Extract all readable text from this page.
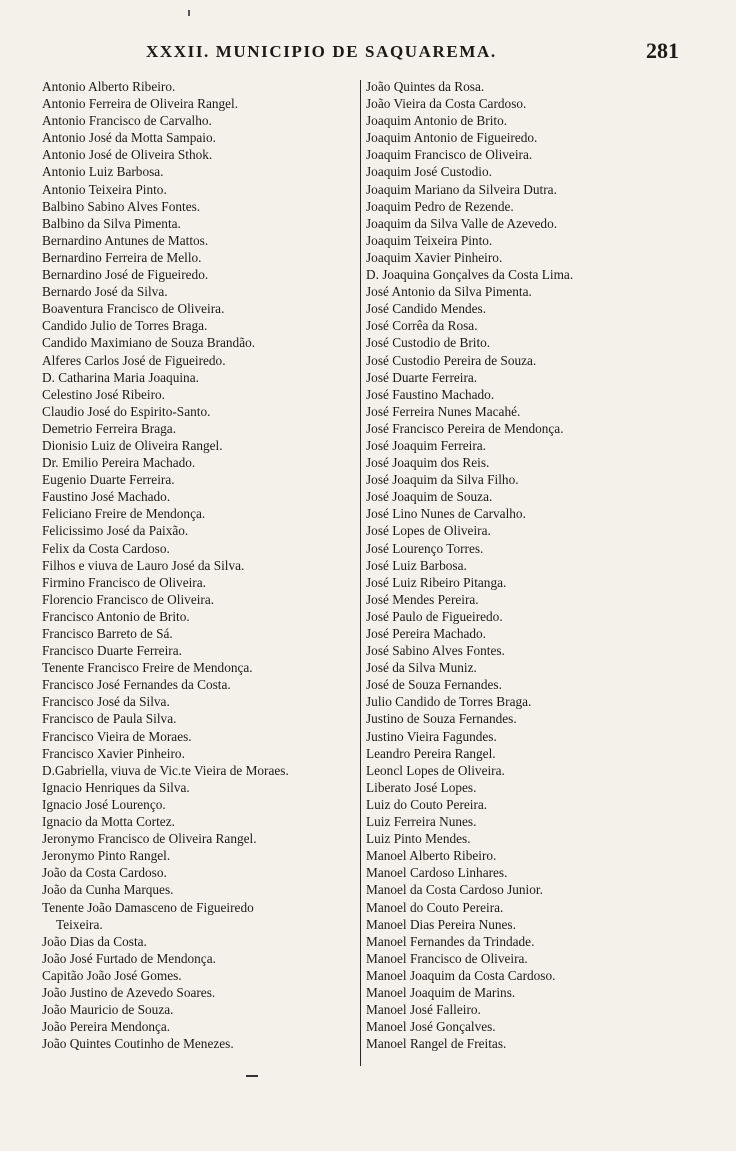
XXXII. MUNICIPIO DE SAQUAREMA.	281
Antonio Alberto Ribeiro.
Antonio Ferreira de Oliveira Rangel.
Antonio Francisco de Carvalho.
Antonio José da Motta Sampaio.
Antonio José de Oliveira Sthok.
Antonio Luiz Barbosa.
Antonio Teixeira Pinto.
Balbino Sabino Alves Fontes.
Balbino da Silva Pimenta.
Bernardino Antunes de Mattos.
Bernardino Ferreira de Mello.
Bernardino José de Figueiredo.
Bernardo José da Silva.
Boaventura Francisco de Oliveira.
Candido Julio de Torres Braga.
Candido Maximiano de Souza Brandão.
Alferes Carlos José de Figueiredo.
D. Catharina Maria Joaquina.
Celestino José Ribeiro.
Claudio José do Espirito-Santo.
Demetrio Ferreira Braga.
Dionisio Luiz de Oliveira Rangel.
Dr. Emilio Pereira Machado.
Eugenio Duarte Ferreira.
Faustino José Machado.
Feliciano Freire de Mendonça.
Felicissimo José da Paixão.
Felix da Costa Cardoso.
Filhos e viuva de Lauro José da Silva.
Firmino Francisco de Oliveira.
Florencio Francisco de Oliveira.
Francisco Antonio de Brito.
Francisco Barreto de Sá.
Francisco Duarte Ferreira.
Tenente Francisco Freire de Mendonça.
Francisco José Fernandes da Costa.
Francisco José da Silva.
Francisco de Paula Silva.
Francisco Vieira de Moraes.
Francisco Xavier Pinheiro.
D.Gabriella, viuva de Vic.te Vieira de Moraes.
Ignacio Henriques da Silva.
Ignacio José Lourenço.
Ignacio da Motta Cortez.
Jeronymo Francisco de Oliveira Rangel.
Jeronymo Pinto Rangel.
João da Costa Cardoso.
João da Cunha Marques.
Tenente João Damasceno de Figueiredo
Teixeira.
João Dias da Costa.
João José Furtado de Mendonça.
Capitão João José Gomes.
João Justino de Azevedo Soares.
João Mauricio de Souza.
João Pereira Mendonça.
João Quintes Coutinho de Menezes.
João Quintes da Rosa.
João Vieira da Costa Cardoso.
Joaquim Antonio de Brito.
Joaquim Antonio de Figueiredo.
Joaquim Francisco de Oliveira.
Joaquim José Custodio.
Joaquim Mariano da Silveira Dutra.
Joaquim Pedro de Rezende.
Joaquim da Silva Valle de Azevedo.
Joaquim Teixeira Pinto.
Joaquim Xavier Pinheiro.
D. Joaquina Gonçalves da Costa Lima.
José Antonio da Silva Pimenta.
José Candido Mendes.
José Corrêa da Rosa.
José Custodio de Brito.
José Custodio Pereira de Souza.
José Duarte Ferreira.
José Faustino Machado.
José Ferreira Nunes Macahé.
José Francisco Pereira de Mendonça.
José Joaquim Ferreira.
José Joaquim dos Reis.
José Joaquim da Silva Filho.
José Joaquim de Souza.
José Lino Nunes de Carvalho.
José Lopes de Oliveira.
José Lourenço Torres.
José Luiz Barbosa.
José Luiz Ribeiro Pitanga.
José Mendes Pereira.
José Paulo de Figueiredo.
José Pereira Machado.
José Sabino Alves Fontes.
José da Silva Muniz.
José de Souza Fernandes.
Julio Candido de Torres Braga.
Justino de Souza Fernandes.
Justino Vieira Fagundes.
Leandro Pereira Rangel.
Leoncl Lopes de Oliveira.
Liberato José Lopes.
Luiz do Couto Pereira.
Luiz Ferreira Nunes.
Luiz Pinto Mendes.
Manoel Alberto Ribeiro.
Manoel Cardoso Linhares.
Manoel da Costa Cardoso Junior.
Manoel do Couto Pereira.
Manoel Dias Pereira Nunes.
Manoel Fernandes da Trindade.
Manoel Francisco de Oliveira.
Manoel Joaquim da Costa Cardoso.
Manoel Joaquim de Marins.
Manoel José Falleiro.
Manoel José Gonçalves.
Manoel Rangel de Freitas.
